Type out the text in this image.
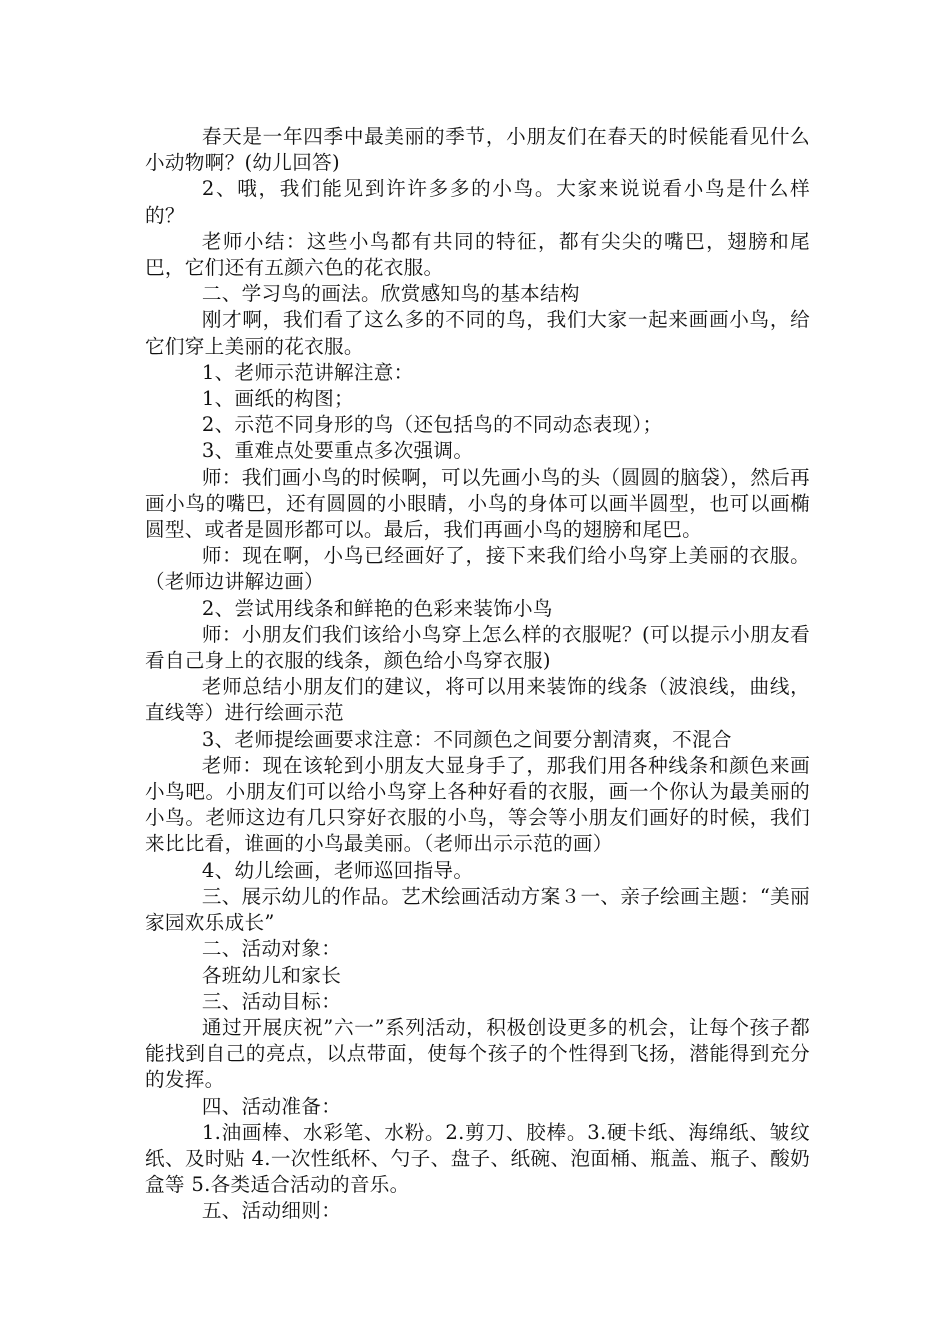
春天是一年四季中最美丽的季节，小朋友们在春天的时候能看见什么小动物啊？(幼儿回答)

2、哦，我们能见到许许多多的小鸟。大家来说说看小鸟是什么样的？

老师小结：这些小鸟都有共同的特征，都有尖尖的嘴巴，翅膀和尾巴，它们还有五颜六色的花衣服。

二、学习鸟的画法。欣赏感知鸟的基本结构

刚才啊，我们看了这么多的不同的鸟，我们大家一起来画画小鸟，给它们穿上美丽的花衣服。

1、老师示范讲解注意：

1、画纸的构图；

2、示范不同身形的鸟（还包括鸟的不同动态表现）；

3、重难点处要重点多次强调。

师：我们画小鸟的时候啊，可以先画小鸟的头（圆圆的脑袋），然后再画小鸟的嘴巴，还有圆圆的小眼睛，小鸟的身体可以画半圆型，也可以画椭圆型、或者是圆形都可以。最后，我们再画小鸟的翅膀和尾巴。

师：现在啊，小鸟已经画好了，接下来我们给小鸟穿上美丽的衣服。（老师边讲解边画）

2、尝试用线条和鲜艳的色彩来装饰小鸟

师：小朋友们我们该给小鸟穿上怎么样的衣服呢？(可以提示小朋友看看自己身上的衣服的线条，颜色给小鸟穿衣服)

老师总结小朋友们的建议，将可以用来装饰的线条（波浪线，曲线，直线等）进行绘画示范

3、老师提绘画要求注意：不同颜色之间要分割清爽，不混合

老师：现在该轮到小朋友大显身手了，那我们用各种线条和颜色来画小鸟吧。小朋友们可以给小鸟穿上各种好看的衣服，画一个你认为最美丽的小鸟。老师这边有几只穿好衣服的小鸟，等会等小朋友们画好的时候，我们来比比看，谁画的小鸟最美丽。（老师出示示范的画）

4、幼儿绘画，老师巡回指导。

三、展示幼儿的作品。艺术绘画活动方案３一、亲子绘画主题：“美丽家园欢乐成长”

二、活动对象：

各班幼儿和家长

三、活动目标：

通过开展庆祝”六一”系列活动，积极创设更多的机会，让每个孩子都能找到自己的亮点，以点带面，使每个孩子的个性得到飞扬，潜能得到充分的发挥。

四、活动准备：

1.油画棒、水彩笔、水粉。2.剪刀、胶棒。3.硬卡纸、海绵纸、皱纹纸、及时贴 4.一次性纸杯、勺子、盘子、纸碗、泡面桶、瓶盖、瓶子、酸奶盒等 5.各类适合活动的音乐。

五、活动细则：
